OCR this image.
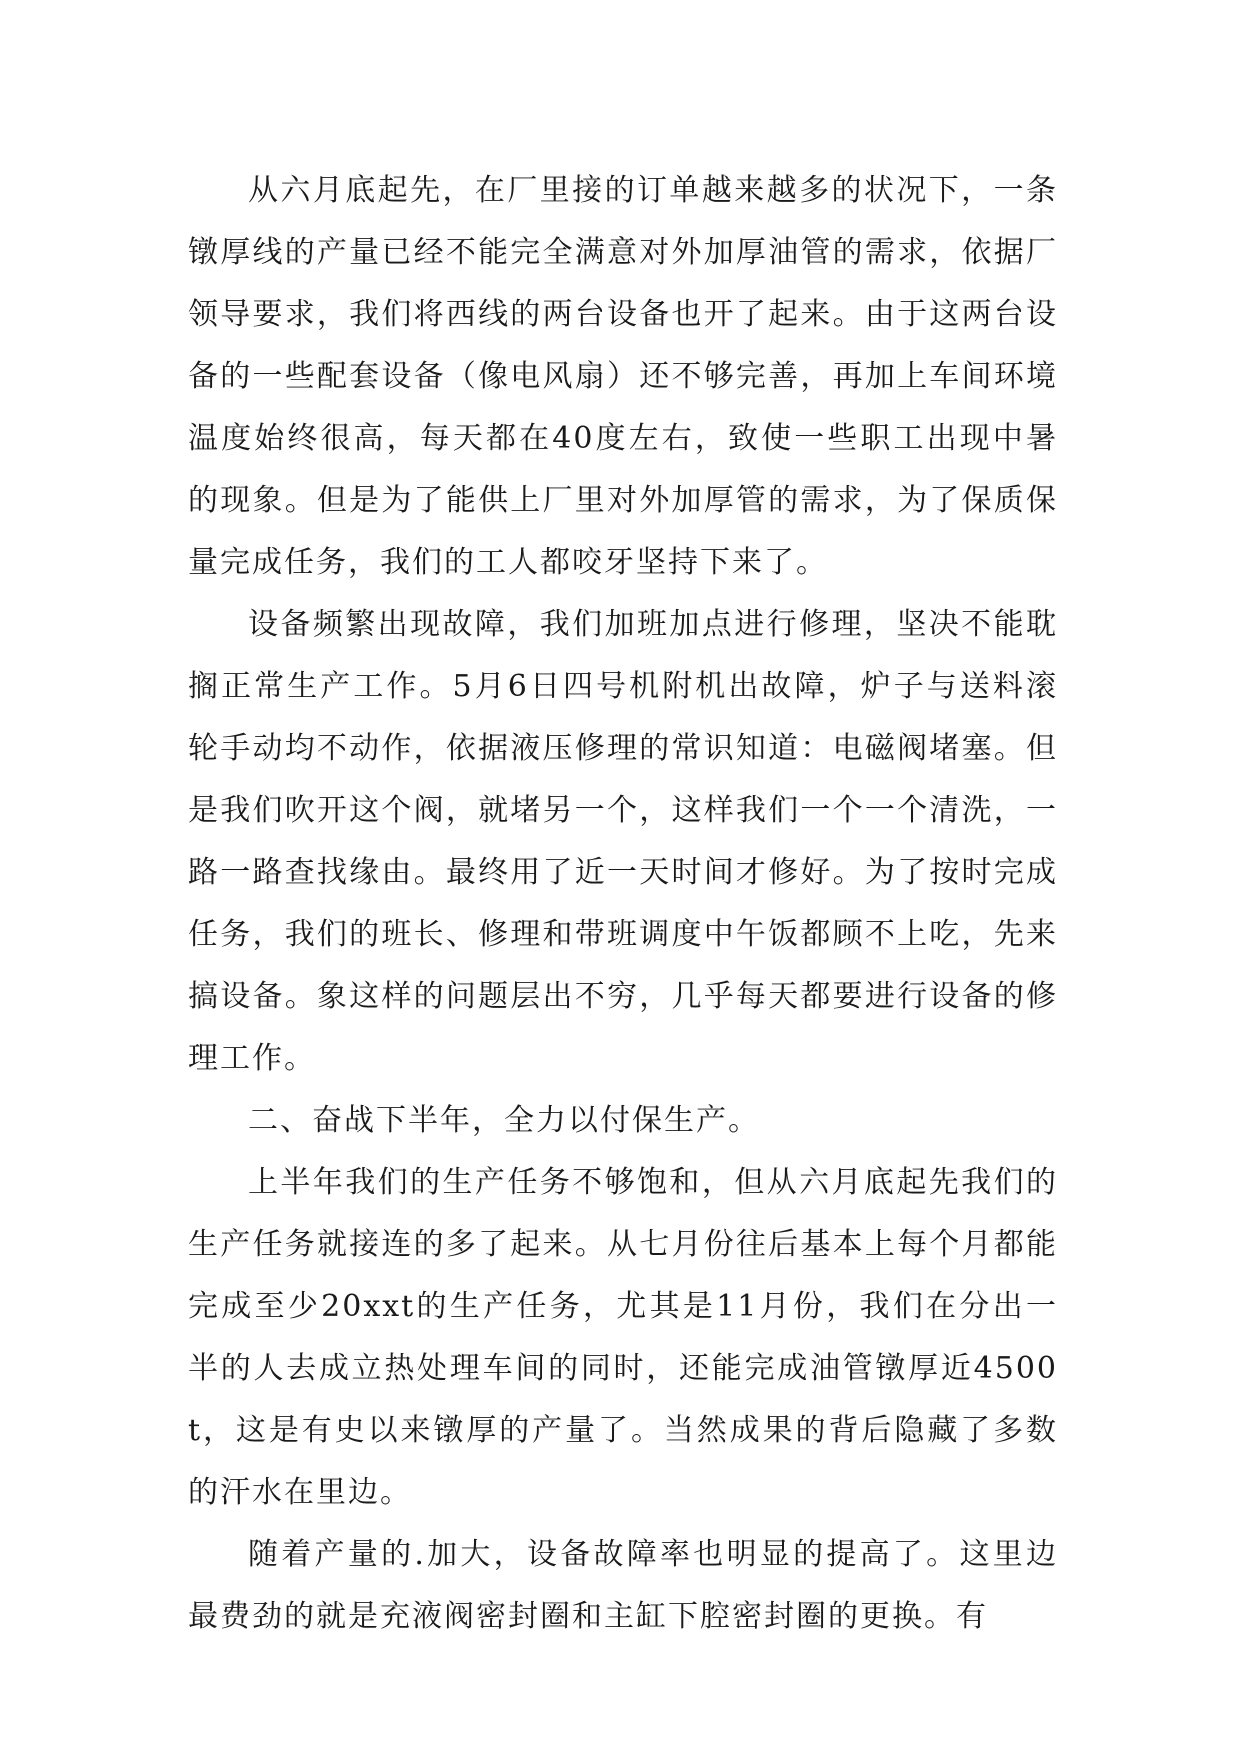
从六月底起先，在厂里接的订单越来越多的状况下，一条镦厚线的产量已经不能完全满意对外加厚油管的需求，依据厂领导要求，我们将西线的两台设备也开了起来。由于这两台设备的一些配套设备（像电风扇）还不够完善，再加上车间环境温度始终很高，每天都在40度左右，致使一些职工出现中暑的现象。但是为了能供上厂里对外加厚管的需求，为了保质保量完成任务，我们的工人都咬牙坚持下来了。

设备频繁出现故障，我们加班加点进行修理，坚决不能耽搁正常生产工作。5月6日四号机附机出故障，炉子与送料滚轮手动均不动作，依据液压修理的常识知道：电磁阀堵塞。但是我们吹开这个阀，就堵另一个，这样我们一个一个清洗，一路一路查找缘由。最终用了近一天时间才修好。为了按时完成任务，我们的班长、修理和带班调度中午饭都顾不上吃，先来搞设备。象这样的问题层出不穷，几乎每天都要进行设备的修理工作。

二、奋战下半年，全力以付保生产。

上半年我们的生产任务不够饱和，但从六月底起先我们的生产任务就接连的多了起来。从七月份往后基本上每个月都能完成至少20xxt的生产任务，尤其是11月份，我们在分出一半的人去成立热处理车间的同时，还能完成油管镦厚近4500t，这是有史以来镦厚的产量了。当然成果的背后隐藏了多数的汗水在里边。

随着产量的.加大，设备故障率也明显的提高了。这里边最费劲的就是充液阀密封圈和主缸下腔密封圈的更换。有
